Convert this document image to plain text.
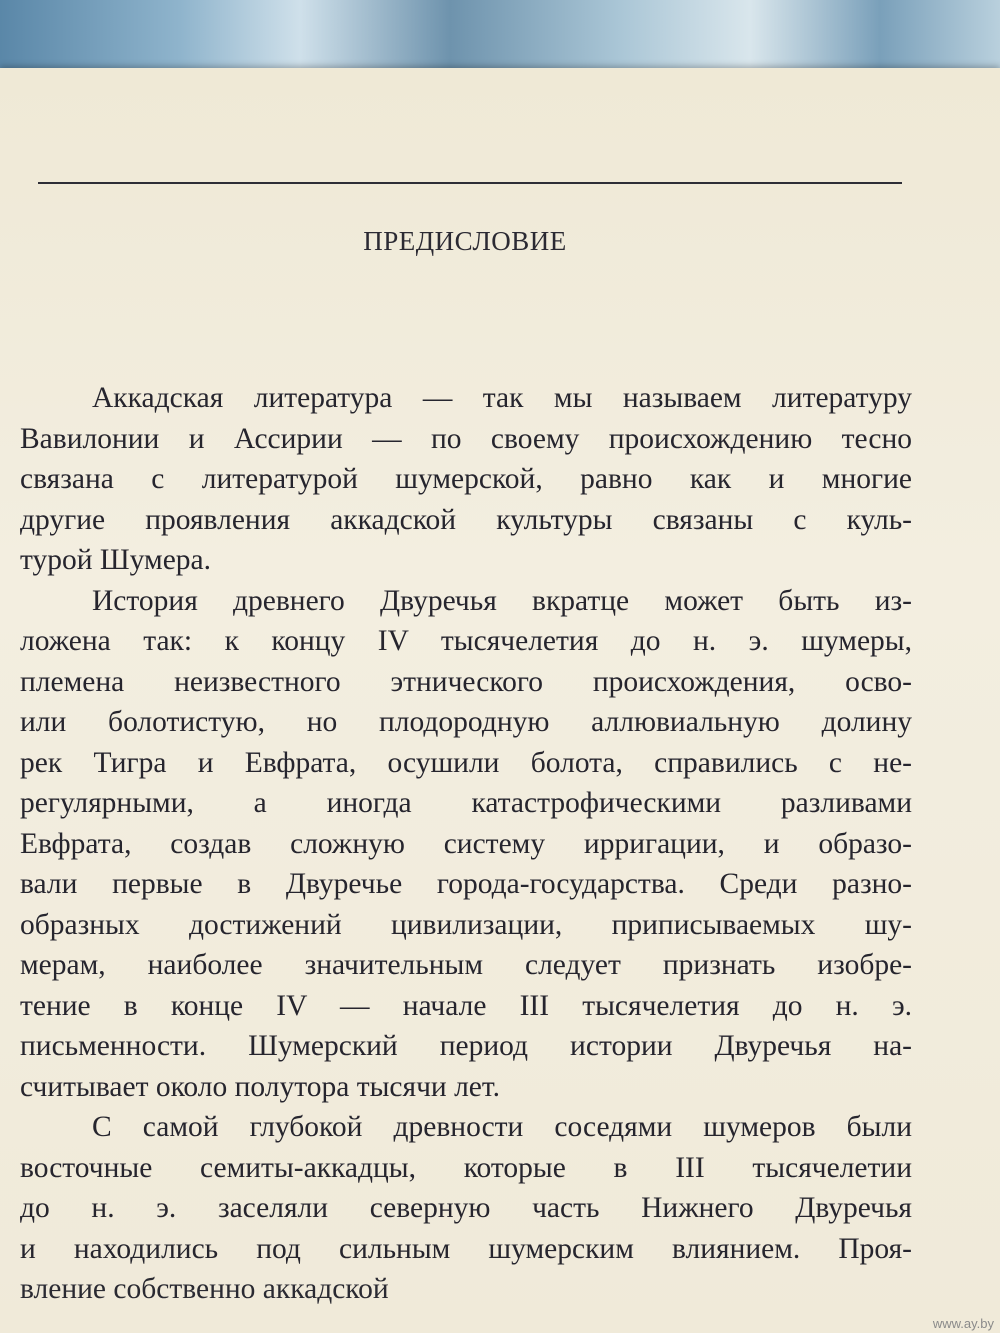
ПРЕДИСЛОВИЕ
Аккадская литература — так мы называем литературу
Вавилонии и Ассирии — по своему происхождению тесно
связана с литературой шумерской, равно как и многие
другие проявления аккадской культуры связаны с куль-
турой Шумера.
История древнего Двуречья вкратце может быть из-
ложена так: к концу IV тысячелетия до н. э. шумеры,
племена неизвестного этнического происхождения, осво-
или болотистую, но плодородную аллювиальную долину
рек Тигра и Евфрата, осушили болота, справились с не-
регулярными, а иногда катастрофическими разливами
Евфрата, создав сложную систему ирригации, и образо-
вали первые в Двуречье города-государства. Среди разно-
образных достижений цивилизации, приписываемых шу-
мерам, наиболее значительным следует признать изобре-
тение в конце IV — начале III тысячелетия до н. э.
письменности. Шумерский период истории Двуречья на-
считывает около полутора тысячи лет.
С самой глубокой древности соседями шумеров были
восточные семиты-аккадцы, которые в III тысячелетии
до н. э. заселяли северную часть Нижнего Двуречья
и находились под сильным шумерским влиянием. Проя-
вление собственно аккадской
www.ay.by
